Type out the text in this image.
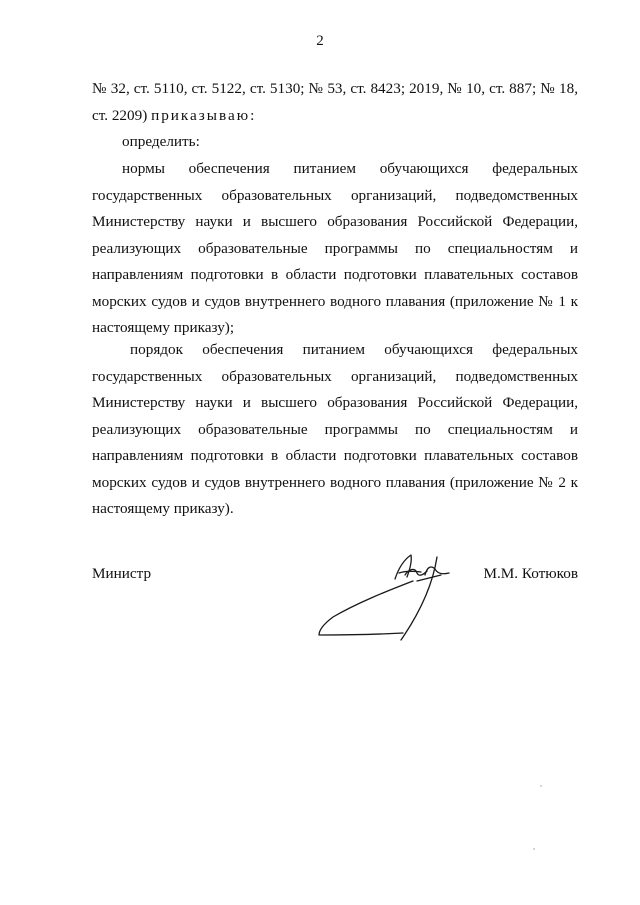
2

№ 32, ст. 5110, ст. 5122, ст. 5130; № 53, ст. 8423; 2019, № 10, ст. 887; № 18, ст. 2209) приказываю:

определить:

нормы обеспечения питанием обучающихся федеральных государственных образовательных организаций, подведомственных Министерству науки и высшего образования Российской Федерации, реализующих образовательные программы по специальностям и направлениям подготовки в области подготовки плавательных составов морских судов и судов внутреннего водного плавания (приложение № 1 к настоящему приказу);

порядок обеспечения питанием обучающихся федеральных государственных образовательных организаций, подведомственных Министерству науки и высшего образования Российской Федерации, реализующих образовательные программы по специальностям и направлениям подготовки в области подготовки плавательных составов морских судов и судов внутреннего водного плавания (приложение № 2 к настоящему приказу).

Министр	М.М. Котюков
